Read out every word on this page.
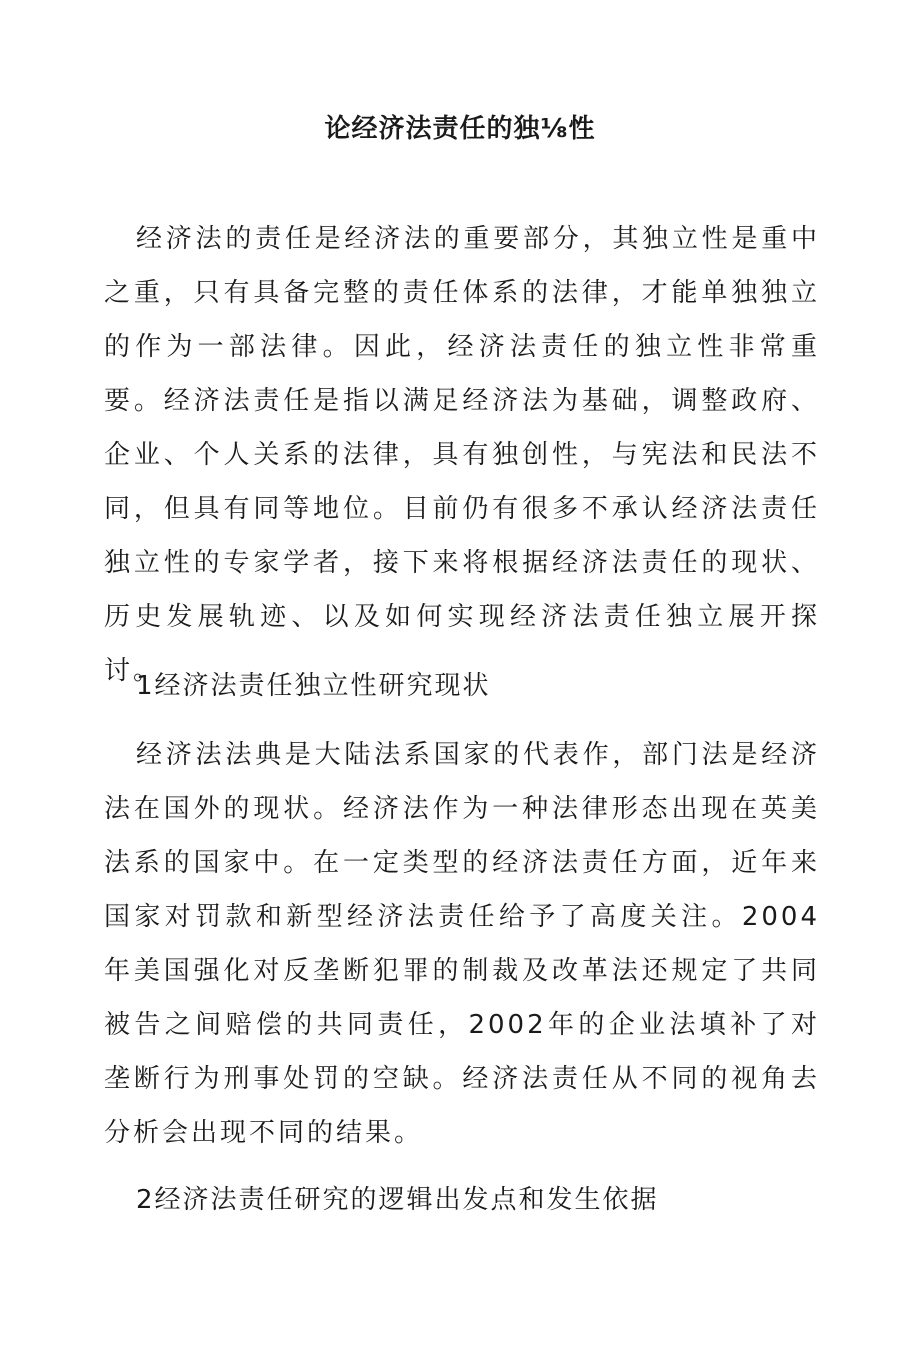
论经济法责任的独⅛性

经济法的责任是经济法的重要部分，其独立性是重中之重，只有具备完整的责任体系的法律，才能单独独立的作为一部法律。因此，经济法责任的独立性非常重要。经济法责任是指以满足经济法为基础，调整政府、企业、个人关系的法律，具有独创性，与宪法和民法不同，但具有同等地位。目前仍有很多不承认经济法责任独立性的专家学者，接下来将根据经济法责任的现状、历史发展轨迹、以及如何实现经济法责任独立展开探讨。

1经济法责任独立性研究现状

经济法法典是大陆法系国家的代表作，部门法是经济法在国外的现状。经济法作为一种法律形态出现在英美法系的国家中。在一定类型的经济法责任方面，近年来国家对罚款和新型经济法责任给予了高度关注。2004年美国强化对反垄断犯罪的制裁及改革法还规定了共同被告之间赔偿的共同责任，2002年的企业法填补了对垄断行为刑事处罚的空缺。经济法责任从不同的视角去分析会出现不同的结果。

2经济法责任研究的逻辑出发点和发生依据
